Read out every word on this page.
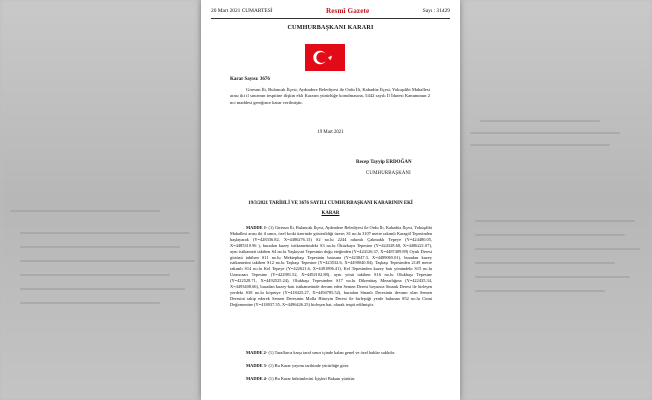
20 Mart 2021 CUMARTESİ	Resmî Gazete	Sayı : 31429
CUMHURBAŞKANI KARARI
Karar Sayısı: 3676
Giresun İli, Bulancak İlçesi, Aydındere Belediyesi ile Ordu İli, Kabadüz İlçesi, Yokuşdibi Mahallesi arası iki il sınırının tespitine ilişkin ekli Kararın yürürlüğe konulmasına, 5442 sayılı İl İdaresi Kanununun 2 nci maddesi gereğince karar verilmiştir.
19 Mart 2021
Recep Tayyip ERDOĞAN
CUMHURBAŞKANI
19/3/2021 TARİHLİ VE 3676 SAYILI CUMHURBAŞKANI KARARININ EKİ
KARAR
MADDE 1- (1) Giresun İli, Bulancak İlçesi, Aydındere Belediyesi ile Ordu İli, Kabadüz İlçesi, Yokuşdibi Mahallesi arası iki il sınırı, özel kroki üzerinde gösterildiği üzere; S1 no.lu 3107 metre rakımlı Karagöl Tepesinden başlayarak (Y=428336.82, X=4486276.13) S2 no.lu 2244 rakımlı Çakmaklı Tepeye (Y=424480.05, X=4485310.96 ), buradan kuzey istikametindeki S3 no.lu Öküzkaya Tepesine (Y=424328.68, X=4486221.07), aynı istikameti takiben S4 no.lu Yaşkıyurt Tepesinin doğu eteğinden (Y=424126.37, X=4487409.89) Oyuk Deresi gözüzü takiben S11 no.lu Mektepbaşı Tepesinin batısına (Y=423847.3, X=4489065.01), buradan kuzey istikametini takiben S12 no.lu Taşbaşı Tepesine (Y=423532.6, X=4490040.84), Taşbaşı Tepesinden 2149 metre rakımlı S14 no.lu Kel Tepeye (Y=422621.6, X=4491896.41), Kel Tepesinden kuzey batı yönündeki S15 no.lu Uzuncaarı Tepesine (Y=422981.52, X=4492102.88), aynı yönü takiben S16 no.lu Olukbaşı Tepesine (Y=422528.71, X=4492525.24), Olukbaşı Tepesinden S17 no.lu Dikenütaş Mezarlığına (Y=422435.34, X=4493408.66), buradan kuzey-batı istikametinde devam eden Semen Deresi boyunca Sinanlı Deresi ile birleşen yerdeki S38 no.lu köprüye (Y=418425.27, X=4494785.52), buradan Sinanlı Deresinin devamı olan Semen Deresini takip ederek Semen Deresinin Molla Hüseyin Deresi ile birleştiği yerde bulunan S52 no.lu Cinni Değirmenine (Y=418037.35, X=4496426.25) birleşen hat, olarak tespit edilmiştir.
MADDE 2- (1) Taraflarca karşı taraf sınırı içinde kalan genel ve özel haklar saklıdır.
MADDE 3- (1) Bu Karar yayımı tarihinde yürürlüğe girer.
MADDE 4- (1) Bu Karar hükümlerini İçişleri Bakanı yürütür.
